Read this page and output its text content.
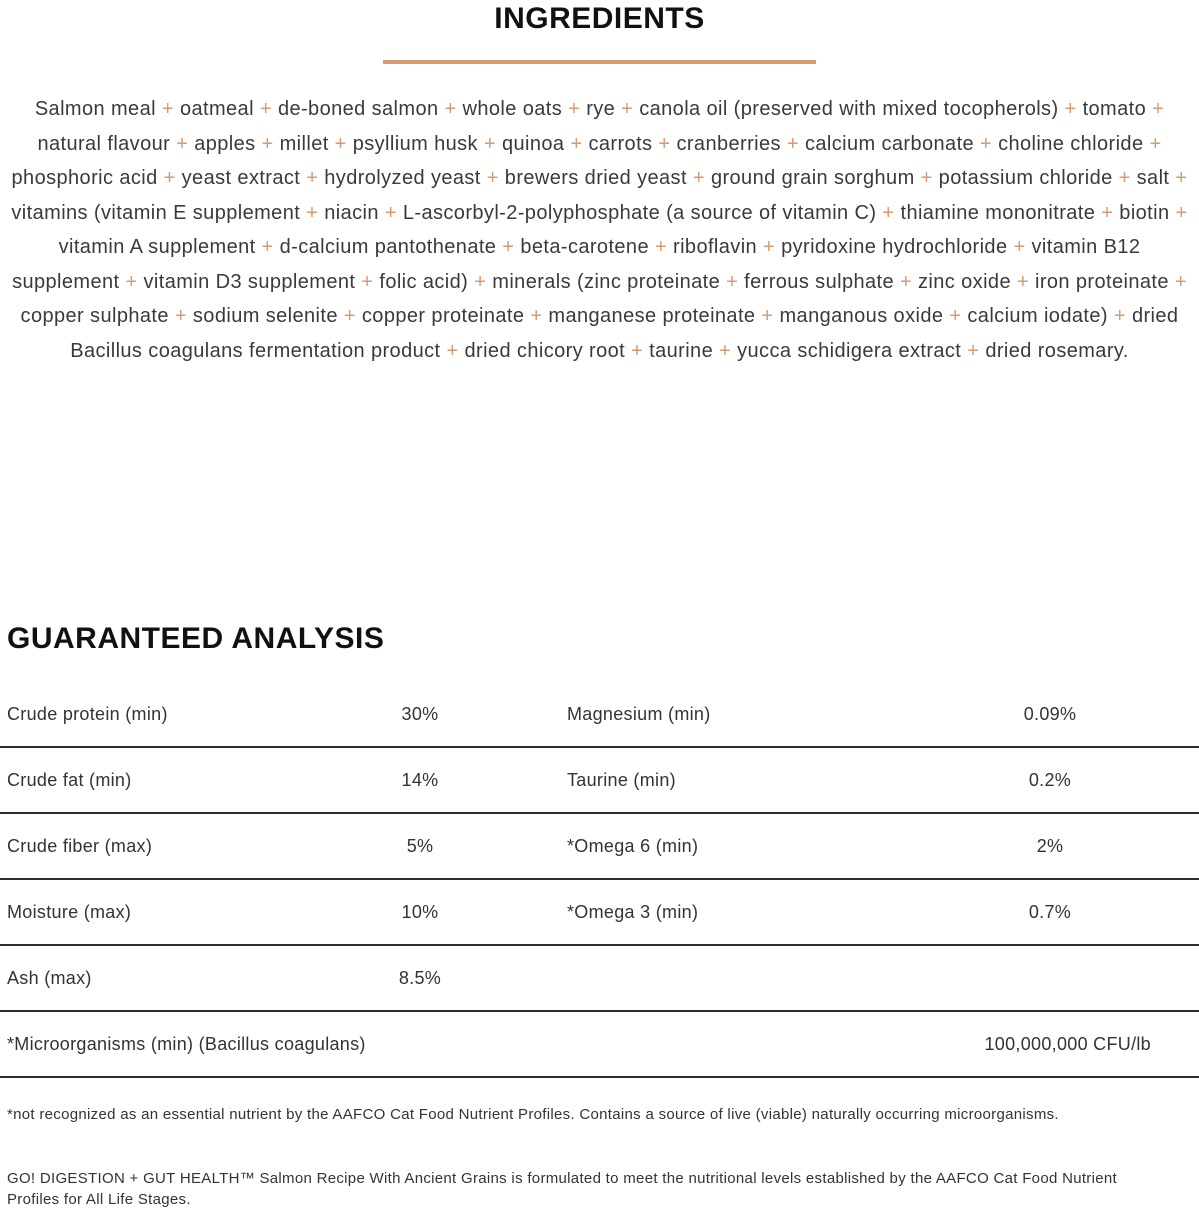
INGREDIENTS

Salmon meal + oatmeal + de-boned salmon + whole oats + rye + canola oil (preserved with mixed tocopherols) + tomato + natural flavour + apples + millet + psyllium husk + quinoa + carrots + cranberries + calcium carbonate + choline chloride + phosphoric acid + yeast extract + hydrolyzed yeast + brewers dried yeast + ground grain sorghum + potassium chloride + salt + vitamins (vitamin E supplement + niacin + L-ascorbyl-2-polyphosphate (a source of vitamin C) + thiamine mononitrate + biotin + vitamin A supplement + d-calcium pantothenate + beta-carotene + riboflavin + pyridoxine hydrochloride + vitamin B12 supplement + vitamin D3 supplement + folic acid) + minerals (zinc proteinate + ferrous sulphate + zinc oxide + iron proteinate + copper sulphate + sodium selenite + copper proteinate + manganese proteinate + manganous oxide + calcium iodate) + dried Bacillus coagulans fermentation product + dried chicory root + taurine + yucca schidigera extract + dried rosemary.

GUARANTEED ANALYSIS
Crude protein (min)	30%	Magnesium (min)	0.09%
Crude fat (min)	14%	Taurine (min)	0.2%
Crude fiber (max)	5%	*Omega 6 (min)	2%
Moisture (max)	10%	*Omega 3 (min)	0.7%
Ash (max)	8.5%
*Microorganisms (min) (Bacillus coagulans)	100,000,000 CFU/lb

*not recognized as an essential nutrient by the AAFCO Cat Food Nutrient Profiles. Contains a source of live (viable) naturally occurring microorganisms.

GO! DIGESTION + GUT HEALTH™ Salmon Recipe With Ancient Grains is formulated to meet the nutritional levels established by the AAFCO Cat Food Nutrient Profiles for All Life Stages.
